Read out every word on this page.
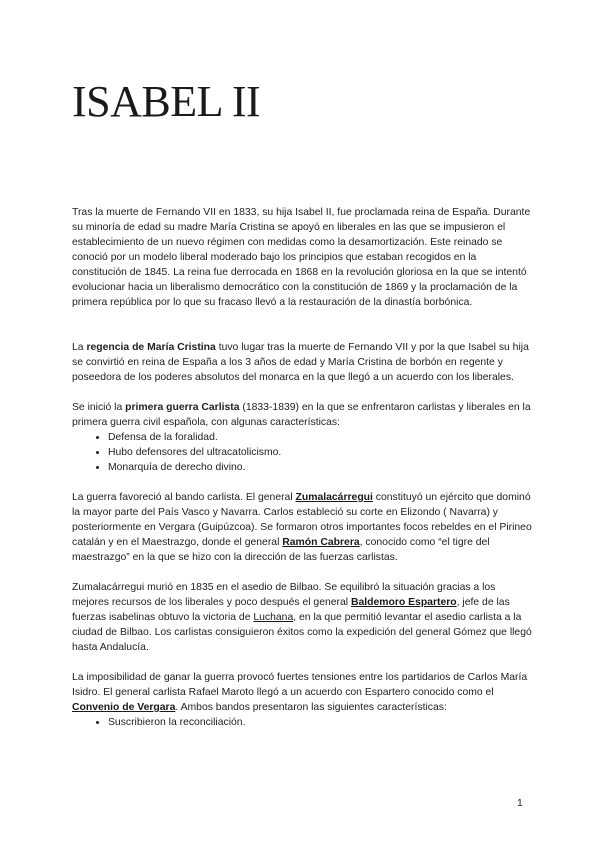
ISABEL II

Tras la muerte de Fernando VII en 1833, su hija Isabel II, fue proclamada reina de España. Durante su minoría de edad su madre María Cristina se apoyó en liberales en las que se impusieron el establecimiento de un nuevo régimen con medidas como la desamortización. Este reinado se conoció por un modelo liberal moderado bajo los principios que estaban recogidos en la constitución de 1845. La reina fue derrocada en 1868 en la revolución gloriosa en la que se intentó evolucionar hacia un liberalismo democrático con la constitución de 1869 y la proclamación de la primera república por lo que su fracaso llevó a la restauración de la dinastía borbónica.

La regencia de María Cristina tuvo lugar tras la muerte de Fernando VII y por la que Isabel su hija se convirtió en reina de España a los 3 años de edad y María Cristina de borbón en regente y poseedora de los poderes absolutos del monarca en la que llegó a un acuerdo con los liberales.

Se inició la primera guerra Carlista (1833-1839) en la que se enfrentaron carlistas y liberales en la primera guerra civil española, con algunas características:

• Defensa de la foralidad.
• Hubo defensores del ultracatolicismo.
• Monarquía de derecho divino.

La guerra favoreció al bando carlista. El general Zumalacárregui constituyó un ejército que dominó la mayor parte del País Vasco y Navarra. Carlos estableció su corte en Elizondo ( Navarra) y posteriormente en Vergara (Guipúzcoa). Se formaron otros importantes focos rebeldes en el Pirineo catalán y en el Maestrazgo, donde el general Ramón Cabrera, conocido como “el tigre del maestrazgo” en la que se hizo con la dirección de las fuerzas carlistas.

Zumalacárregui murió en 1835 en el asedio de Bilbao. Se equilibró la situación gracias a los mejores recursos de los liberales y poco después el general Baldemoro Espartero, jefe de las fuerzas isabelinas obtuvo la victoria de Luchana, en la que permitió levantar el asedio carlista a la ciudad de Bilbao. Los carlistas consiguieron éxitos como la expedición del general Gómez que llegó hasta Andalucía.

La imposibilidad de ganar la guerra provocó fuertes tensiones entre los partidarios de Carlos María Isidro. El general carlista Rafael Maroto llegó a un acuerdo con Espartero conocido como el Convenio de Vergara. Ambos bandos presentaron las siguientes características:

• Suscribieron la reconciliación.
1
